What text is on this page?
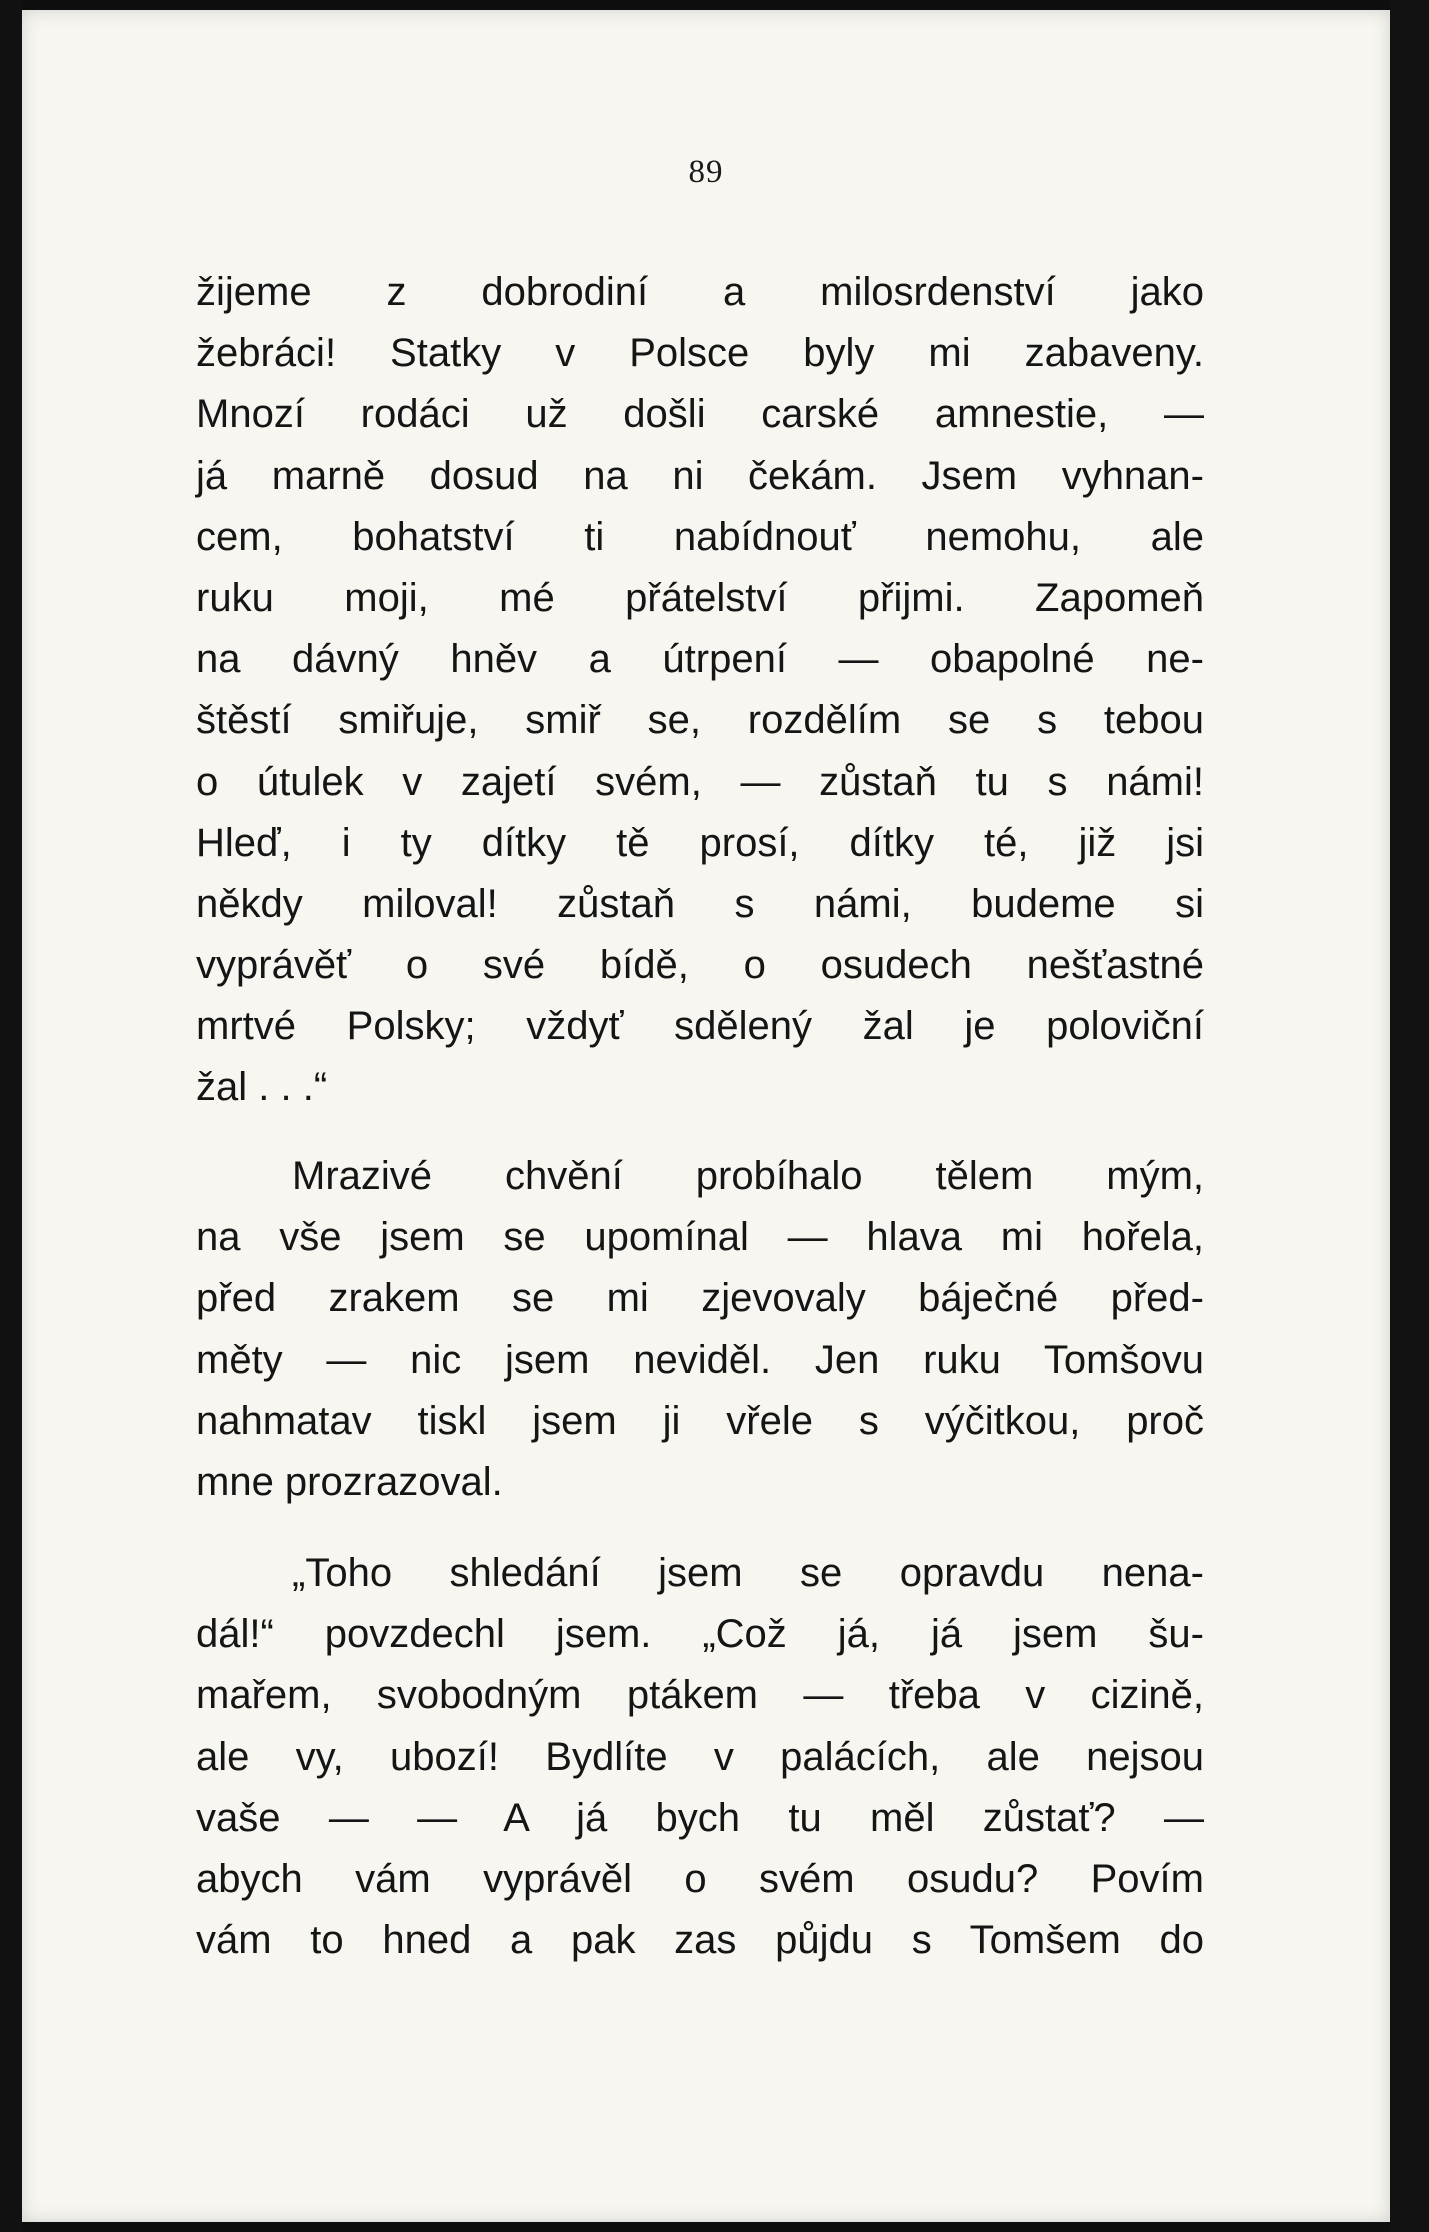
89
žijeme z dobrodiní a milosrdenství jako
žebráci! Statky v Polsce byly mi zabaveny.
Mnozí rodáci už došli carské amnestie, —
já marně dosud na ni čekám. Jsem vyhnan-
cem, bohatství ti nabídnouť nemohu, ale
ruku moji, mé přátelství přijmi. Zapomeň
na dávný hněv a útrpení — obapolné ne-
štěstí smiřuje, smiř se, rozdělím se s tebou
o útulek v zajetí svém, — zůstaň tu s námi!
Hleď, i ty dítky tě prosí, dítky té, již jsi
někdy miloval! zůstaň s námi, budeme si
vyprávěť o své bídě, o osudech nešťastné
mrtvé Polsky; vždyť sdělený žal je poloviční
žal . . .“
Mrazivé chvění probíhalo tělem mým,
na vše jsem se upomínal — hlava mi hořela,
před zrakem se mi zjevovaly báječné před-
měty — nic jsem neviděl. Jen ruku Tomšovu
nahmatav tiskl jsem ji vřele s výčitkou, proč
mne prozrazoval.
„Toho shledání jsem se opravdu nena-
dál!“ povzdechl jsem. „Což já, já jsem šu-
mařem, svobodným ptákem — třeba v cizině,
ale vy, ubozí! Bydlíte v palácích, ale nejsou
vaše — — A já bych tu měl zůstať? —
abych vám vyprávěl o svém osudu? Povím
vám to hned a pak zas půjdu s Tomšem do
